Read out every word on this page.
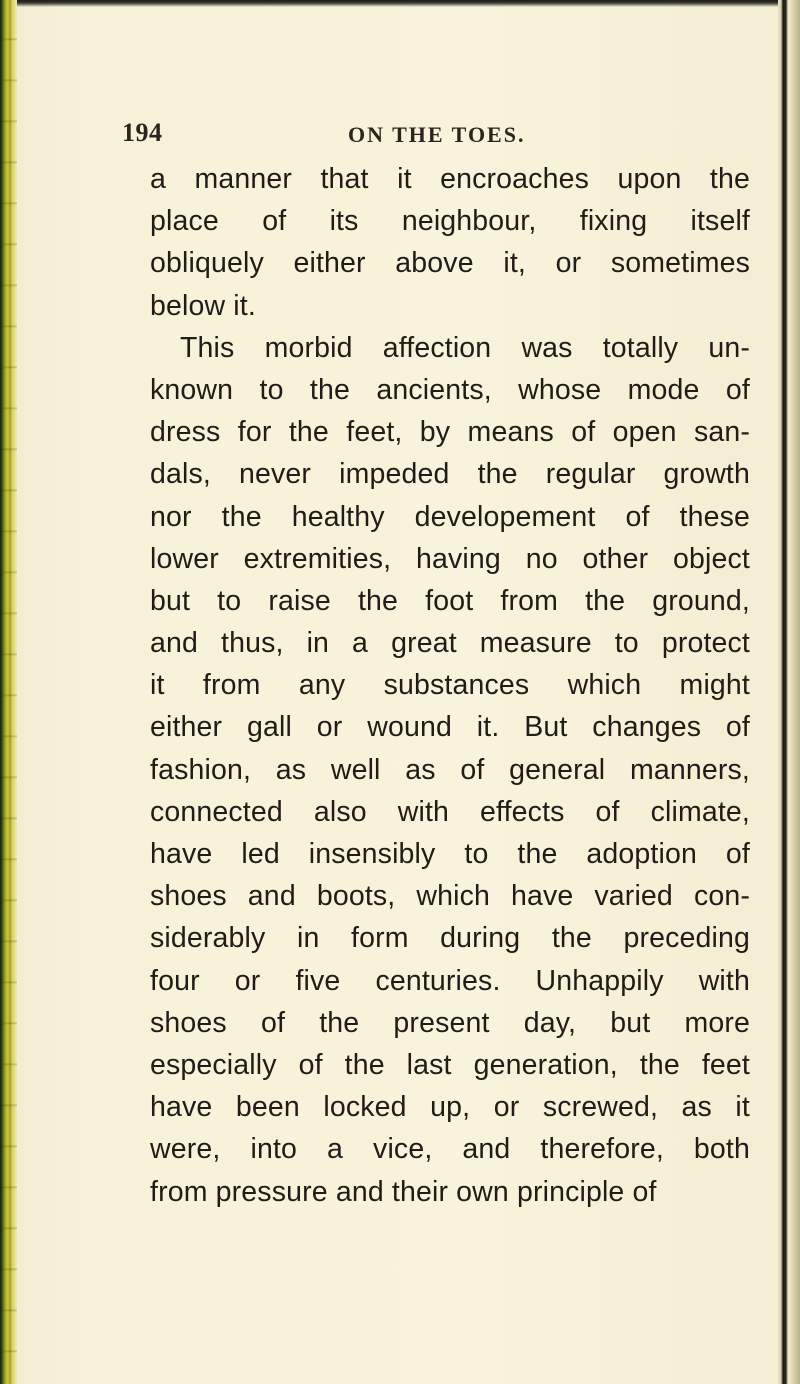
194	ON THE TOES.
a manner that it encroaches upon the
place of its neighbour, fixing itself
obliquely either above it, or sometimes
below it.
This morbid affection was totally un-
known to the ancients, whose mode of
dress for the feet, by means of open san-
dals, never impeded the regular growth
nor the healthy developement of these
lower extremities, having no other object
but to raise the foot from the ground,
and thus, in a great measure to protect
it from any substances which might
either gall or wound it. But changes of
fashion, as well as of general manners,
connected also with effects of climate,
have led insensibly to the adoption of
shoes and boots, which have varied con-
siderably in form during the preceding
four or five centuries. Unhappily with
shoes of the present day, but more
especially of the last generation, the feet
have been locked up, or screwed, as it
were, into a vice, and therefore, both
from pressure and their own principle of
